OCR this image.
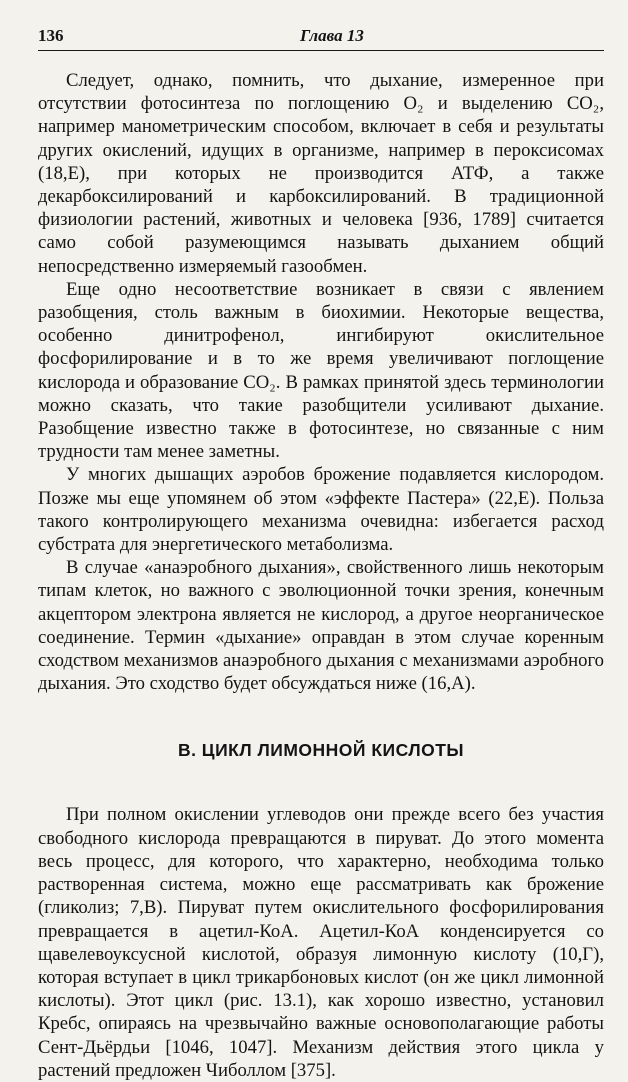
136	Глава 13

Следует, однако, помнить, что дыхание, измеренное при отсутствии фотосинтеза по поглощению O₂ и выделению CO₂, например манометрическим способом, включает в себя и результаты других окислений, идущих в организме, например в пероксисомах (18,E), при которых не производится АТФ, а также декарбоксилирований и карбоксилирований. В традиционной физиологии растений, животных и человека [936, 1789] считается само собой разумеющимся называть дыханием общий непосредственно измеряемый газообмен.

Еще одно несоответствие возникает в связи с явлением разобщения, столь важным в биохимии. Некоторые вещества, особенно динитрофенол, ингибируют окислительное фосфорилирование и в то же время увеличивают поглощение кислорода и образование CO₂. В рамках принятой здесь терминологии можно сказать, что такие разобщители усиливают дыхание. Разобщение известно также в фотосинтезе, но связанные с ним трудности там менее заметны.

У многих дышащих аэробов брожение подавляется кислородом. Позже мы еще упомянем об этом «эффекте Пастера» (22,E). Польза такого контролирующего механизма очевидна: избегается расход субстрата для энергетического метаболизма.

В случае «анаэробного дыхания», свойственного лишь некоторым типам клеток, но важного с эволюционной точки зрения, конечным акцептором электрона является не кислород, а другое неорганическое соединение. Термин «дыхание» оправдан в этом случае коренным сходством механизмов анаэробного дыхания с механизмами аэробного дыхания. Это сходство будет обсуждаться ниже (16,A).

В. ЦИКЛ ЛИМОННОЙ КИСЛОТЫ

При полном окислении углеводов они прежде всего без участия свободного кислорода превращаются в пируват. До этого момента весь процесс, для которого, что характерно, необходима только растворенная система, можно еще рассматривать как брожение (гликолиз; 7,B). Пируват путем окислительного фосфорилирования превращается в ацетил-КоА. Ацетил-КоА конденсируется со щавелевоуксусной кислотой, образуя лимонную кислоту (10,Г), которая вступает в цикл трикарбоновых кислот (он же цикл лимонной кислоты). Этот цикл (рис. 13.1), как хорошо известно, установил Кребс, опираясь на чрезвычайно важные основополагающие работы Сент-Дьёрдьи [1046, 1047]. Механизм действия этого цикла у растений предложен Чиболлом [375].
